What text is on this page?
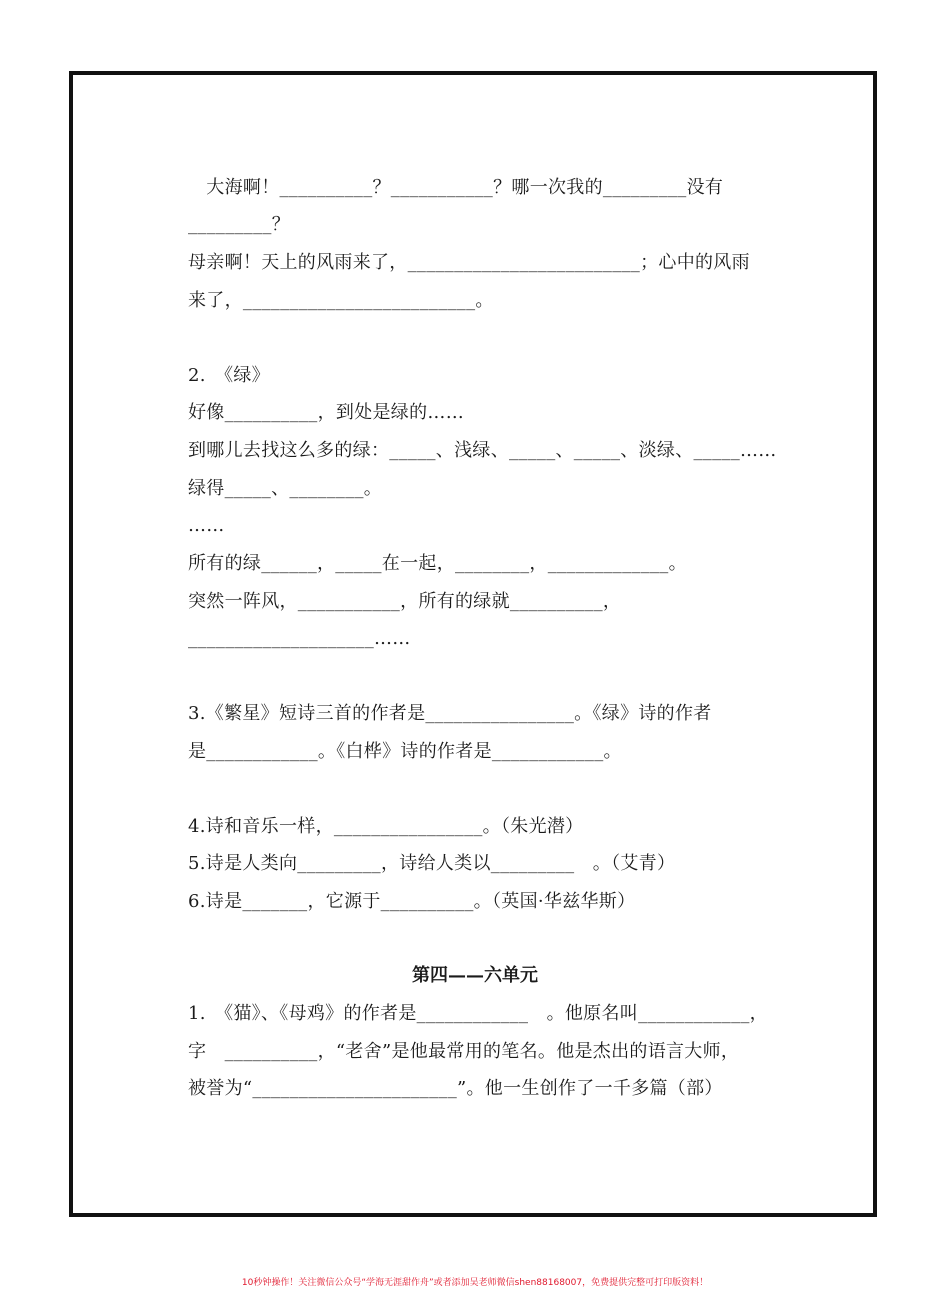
　大海啊！__________？___________？哪一次我的_________没有
_________？
母亲啊！天上的风雨来了，_________________________；心中的风雨
来了，_________________________。
2.　《绿》
好像__________，到处是绿的……
到哪儿去找这么多的绿：_____、浅绿、_____、_____、淡绿、_____……
绿得_____、________。
……
所有的绿______，_____在一起，________，_____________。
突然一阵风，___________，所有的绿就__________，
____________________……
3.《繁星》短诗三首的作者是________________。《绿》诗的作者
是____________。《白桦》诗的作者是____________。
4.诗和音乐一样，________________。（朱光潜）
5.诗是人类向_________，诗给人类以_________　。（艾青）
6.诗是_______，它源于__________。（英国·华兹华斯）
第四——六单元
1.　《猫》、《母鸡》的作者是____________　。他原名叫____________，
字　__________，“老舍”是他最常用的笔名。他是杰出的语言大师，
被誉为“______________________”。他一生创作了一千多篇（部）
10秒钟操作！关注微信公众号“学海无涯甜作舟”或者添加吴老师微信shen88168007，免费提供完整可打印版资料！
